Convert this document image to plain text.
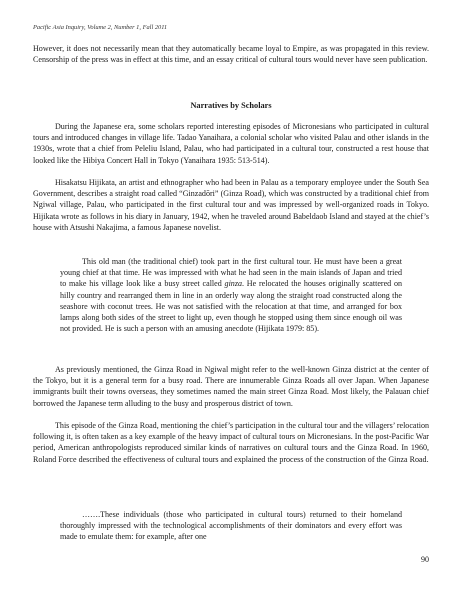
Pacific Asia Inquiry, Volume 2, Number 1, Fall 2011

However, it does not necessarily mean that they automatically became loyal to Empire, as was propagated in this review. Censorship of the press was in effect at this time, and an essay critical of cultural tours would never have seen publication.

Narratives by Scholars

During the Japanese era, some scholars reported interesting episodes of Micronesians who participated in cultural tours and introduced changes in village life. Tadao Yanaihara, a colonial scholar who visited Palau and other islands in the 1930s, wrote that a chief from Peleliu Island, Palau, who had participated in a cultural tour, constructed a rest house that looked like the Hibiya Concert Hall in Tokyo (Yanaihara 1935: 513-514).

Hisakatsu Hijikata, an artist and ethnographer who had been in Palau as a temporary employee under the South Sea Government, describes a straight road called “Ginzadōri” (Ginza Road), which was constructed by a traditional chief from Ngiwal village, Palau, who participated in the first cultural tour and was impressed by well-organized roads in Tokyo. Hijikata wrote as follows in his diary in January, 1942, when he traveled around Babeldaob Island and stayed at the chief’s house with Atsushi Nakajima, a famous Japanese novelist.

This old man (the traditional chief) took part in the first cultural tour. He must have been a great young chief at that time. He was impressed with what he had seen in the main islands of Japan and tried to make his village look like a busy street called ginza. He relocated the houses originally scattered on hilly country and rearranged them in line in an orderly way along the straight road constructed along the seashore with coconut trees. He was not satisfied with the relocation at that time, and arranged for box lamps along both sides of the street to light up, even though he stopped using them since enough oil was not provided. He is such a person with an amusing anecdote (Hijikata 1979: 85).

As previously mentioned, the Ginza Road in Ngiwal might refer to the well-known Ginza district at the center of the Tokyo, but it is a general term for a busy road. There are innumerable Ginza Roads all over Japan. When Japanese immigrants built their towns overseas, they sometimes named the main street Ginza Road. Most likely, the Palauan chief borrowed the Japanese term alluding to the busy and prosperous district of town.

This episode of the Ginza Road, mentioning the chief’s participation in the cultural tour and the villagers’ relocation following it, is often taken as a key example of the heavy impact of cultural tours on Micronesians. In the post-Pacific War period, American anthropologists reproduced similar kinds of narratives on cultural tours and the Ginza Road. In 1960, Roland Force described the effectiveness of cultural tours and explained the process of the construction of the Ginza Road.

…….These individuals (those who participated in cultural tours) returned to their homeland thoroughly impressed with the technological accomplishments of their dominators and every effort was made to emulate them: for example, after one

90
